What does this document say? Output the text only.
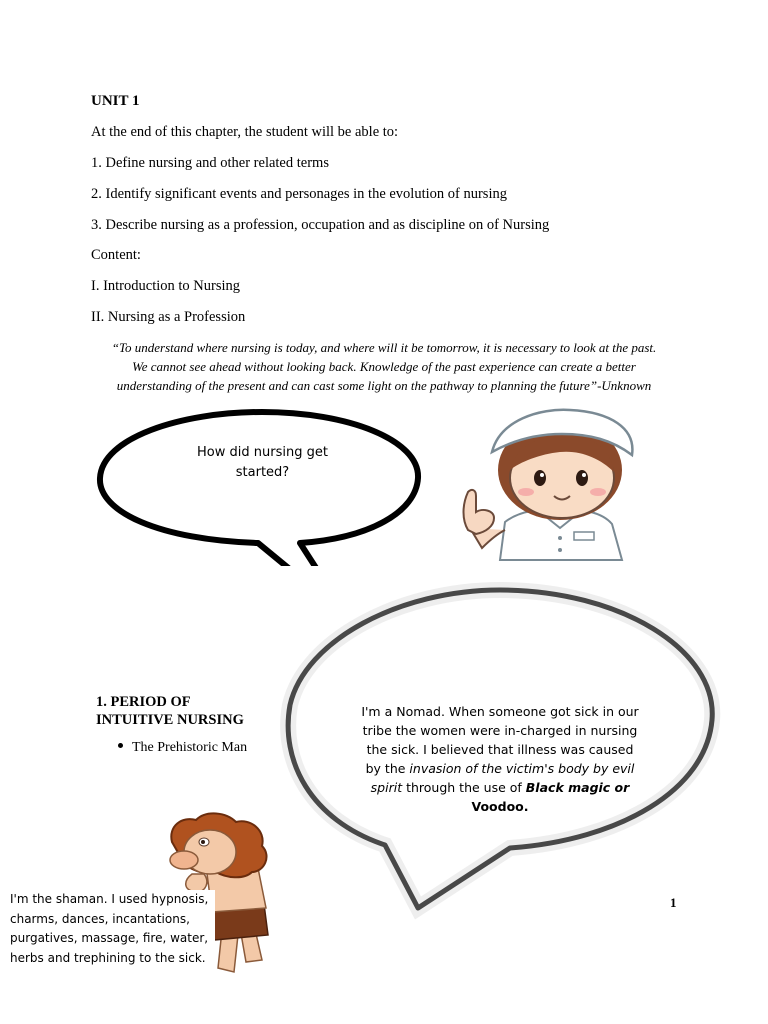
UNIT 1
At the end of this chapter, the student will be able to:
1. Define nursing and other related terms
2. Identify significant events and personages in the evolution of nursing
3. Describe nursing as a profession, occupation and as discipline on of Nursing
Content:
I. Introduction to Nursing
II. Nursing as a Profession
“To understand where nursing is today, and where will it be tomorrow, it is necessary to look at the past.
We cannot see ahead without looking back. Knowledge of the past experience can create a better
understanding of the present and can cast some light on the pathway to planning the future”-Unknown
How did nursing get
started?
1. PERIOD OF
INTUITIVE NURSING
The Prehistoric Man
I'm a Nomad. When someone got sick in our
tribe the women were in-charged in nursing
the sick. I believed that illness was caused
by the invasion of the victim's body by evil
spirit through the use of Black magic or
Voodoo.
I'm the shaman. I used hypnosis,
charms, dances, incantations,
purgatives, massage, fire, water,
herbs and trephining to the sick.
1
